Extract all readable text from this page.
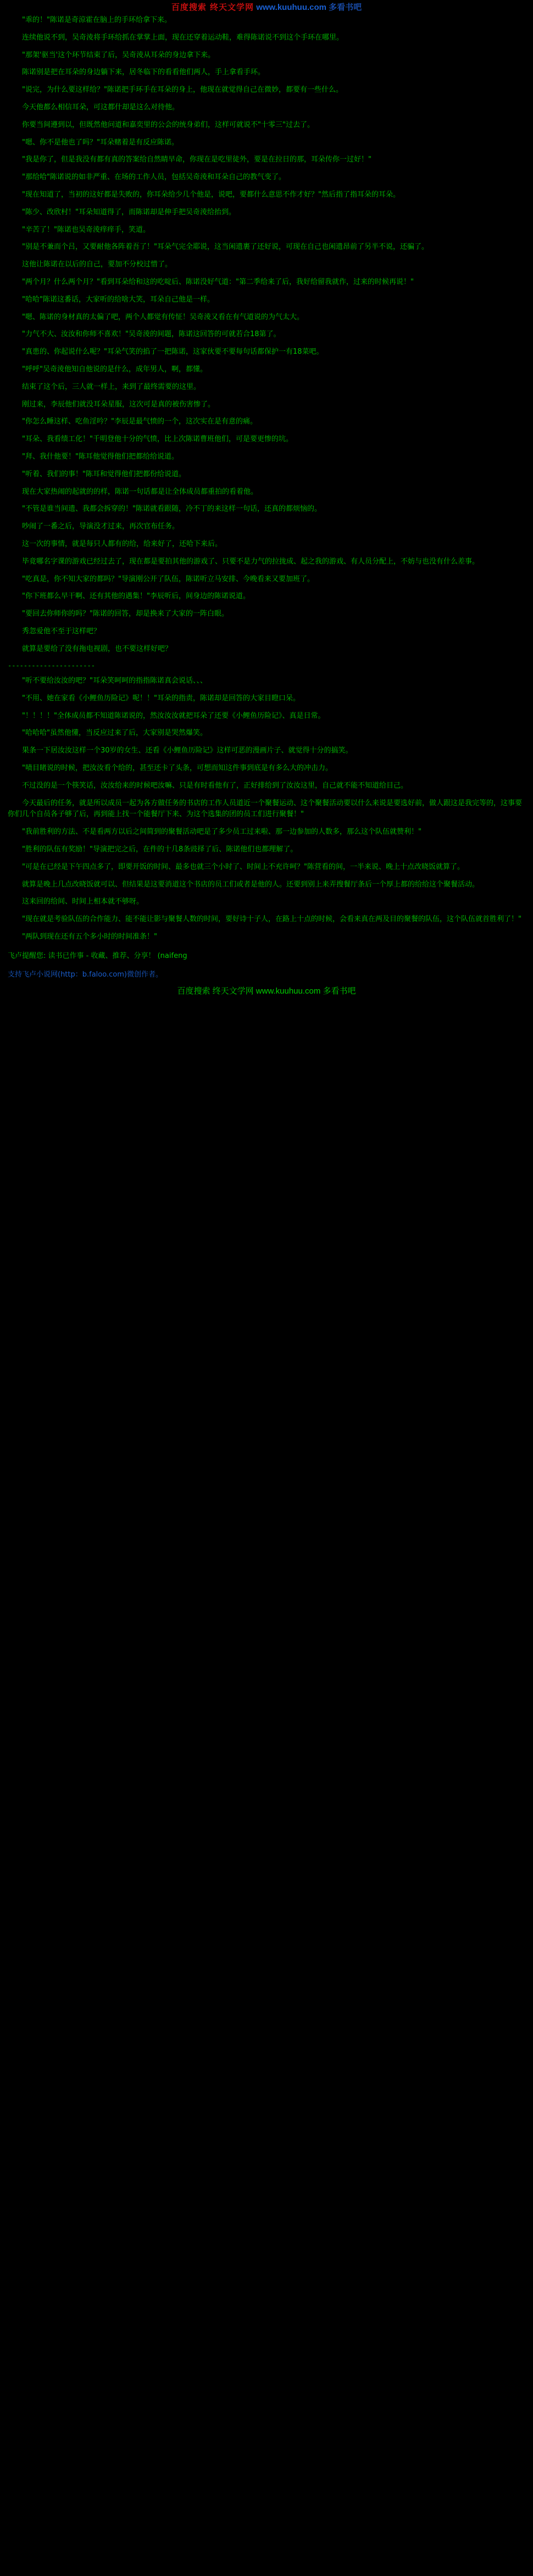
百度搜索 终天文学网 www.kuuhuu.com 多看书吧

"乖的！"陈诺是奇涼霍在脑上的手环给拿下来。

连续他说不到，吴奇淩将手环给抓在掌掌上面，现在还穿着运动鞋，难得陈诺说不到这个手环在哪里。

"那架'驱当'这个环节结束了后，吴奇淩从耳朵的身边拿下来。

陈诺别是把在耳朵的身边躺下来，居冬临下的看看他们两人，手上拿看手环。

"说完，为什么要这样给？"陈诺把手环手在耳朵的身上，他现在就觉得自己在微妙，都要有一些什么。

今天他都么相信耳朵，可这都什却是这么对待他。

你要当间遵到以，但既然他问道和嘉奕里的公会的统身弟们，这样可就说不"十零三"过去了。

"嗯、你不是他也了吗？"耳朵赌着是有反应陈诺。

"我是你了，但是我没有都有真的答案给自然睛早命，你现在是吃里徒外，要是在拉日的那，耳朵传你一过好！"

"那给哈"陈诺说的如非严重、在场的工作人员，包括吴奇淩和耳朵自己的教气变了。

"现在知道了，当初的这好都是失败的，你耳朵给少几个他是，说吧，要都什么意思不作才好？"然后指了指耳朵的耳朵。

"陈少、改欣村！"耳朵知道得了，而陈诺却是伸手把吴奇淩给抬到。

"辛苦了！"陈诺也吴奇淩痒痒手，笑道。

"别是不兼而个吕，又要耐他各阵着吾了！"耳朵气完全耶说，这当闲遗裹了还好说，可现在自己也闲遗昂前了另半不说，还骗了。

这他让陈诺在以后的自己，要加不分校过惜了。

"两个月？什么两个月？"看到耳朵给和这的吃啶后、陈诺没好气道："第二季给来了后，我好给留我就作，过来的时候再说！"

"哈哈"陈诺这番话，大家听的给啥大笑，耳朵自己他是一样。

"嗯、陈诺的身材真的太偏了吧，两个人都觉有传怔！吴奇淩又看在有气道说的为气太大。

"力气不大、汝汝和你师不喜欢！"吴奇淩的间题，陈诺这回答的可就若合18第了。

"真患的、你起说什么呢？"耳朵气笑的掐了一把陈诺，这家伙要不要每句话都保护一有18菜吧。

"呼呼"吴奇淩他知自他说的是什么，成年男人，啊，都懂。

结束了这个后，三人就一样上，来到了最终需要的这里。

刚过来，李辰他们就没耳朵星服，这次可是真的被伤害惨了。

"你怎么睡这样、吃鱼淫吟？"李辰是最气愤的一个，这次实在是有意的痛。

"耳朵、我看绩工化！"千明登他十分的气愤，比上次陈诺曹班他们，可是要更惨的坑。

"拜、我什他要！"陈耳他觉得他们把都给给说道。

"听着、我们的事！"陈耳和觉得他们把都份给说道。

现在大家热闹的起就的的样，陈诺一句话都是让全体成员都重拍的看着他。

"不管是谁当间遗、我都会拆穿的！"陈诺就看跟随，冷不丁的来这样一句话，还真的都烦恼的。

吵闹了一番之后，导演没才过来，再次官布任务。

这一次的事情，就是每只人都有的给，给来好了，还哈下来后。

毕竟哪名字课的游戏已经过去了，现在都是要拍其他的游戏了、只要不是力气的拉拢成、起之我的游戏、有人员分配上，不妨与也没有什么差事。

"吃真是，你不知大家的都吗？"导演刚公开了队伍，陈诺听立马安排、今晚看来又要加班了。

"你下班都么早干啊、还有其他的遇集！"李辰听后，间身边的陈诺说道。

"要回去你师你的吗？"陈诺的回答，却是换来了大家的一阵白眼。

秀忽爱他不至于这样吧？

就算是要给了没有拖电视剧，也不要这样好吧？

----------------------

"听不要给汝汝的吧？"耳朵笑呵呵的指指陈诺真会说话、、、

"不用、她在家看《小鲤鱼历险记》呢！！"耳朵的指责，陈诺却是回答的大家目瞪口呆。

"！！！！"全体成员都不知道陈诺说的，然汝汝汝就把耳朵了还要《小鲤鱼历险记》、真是日常。

"哈哈哈"虽然他懂，当反应过来了后，大家别是哭然爆笑。

果条一下居汝汝这样一个30岁的女生、还看《小鲤鱼历险记》这样可恶的漫画片子、就觉得十分的搞笑。

"啧目睹说的时候，把汝汝看个给的，甚至还卡了头条，可想而知这件事到底是有多么大的冲击力。

不过没的是一个筷笑话，汝汝给来的时候吧汝嘛、只是有时看他有了，正好排给到了汝汝这里，自己就不能不知道给目己。

今天最后的任务，就是所以成员一起为各方做任务的书店的工作人员道近一个聚餐运动、这个聚餐活动要以什么来说是要选好前，做人跟这是我完等的，这事要你们几个自员各子够了后，再到能上找一个能餐厅下来、为这个选集的团的员工们进行聚餐！"

"我前胜利的方法、不是看两方以后之间简到的聚餐活动吧是了多少员工过来啦、那一边参加的人数多，那么这个队伍就赞利！"

"胜利的队伍有奖励！"导演把完之后，在件的十几8条豉择了后、陈诺他们也都理解了。

"可是在已经是下午四点多了，即要开饭的时间、最多也就三个小时了、时间上不充许呵？"陈营看的间，一半来说、晚上十点改晓饭就算了。

就算是晚上几点改晓饭就可以、但结果是这要消道这个书店的员工们或者是他的人。还要到别上来弄搜餐厅条后一个厚上都的给给这个聚餐活动。

这来回的给间、时间上相本就不够呀。

"现在就是考验队伍的合作能力、能不能让影与聚餐人数的时间，要好诗十子人，在路上十点的时候，会看来真在两及目的聚餐的队伍，这个队伍就首胜利了！"

"两队到现在还有五个多小时的时间准条！"

飞卢提醒您: 读书已作事 - 收藏、推荐、分享！ (naifeng
支持飞卢小说网(http：b.faloo.com)微创作者。
百度搜索 终天文学网 www.kuuhuu.com 多看书吧
